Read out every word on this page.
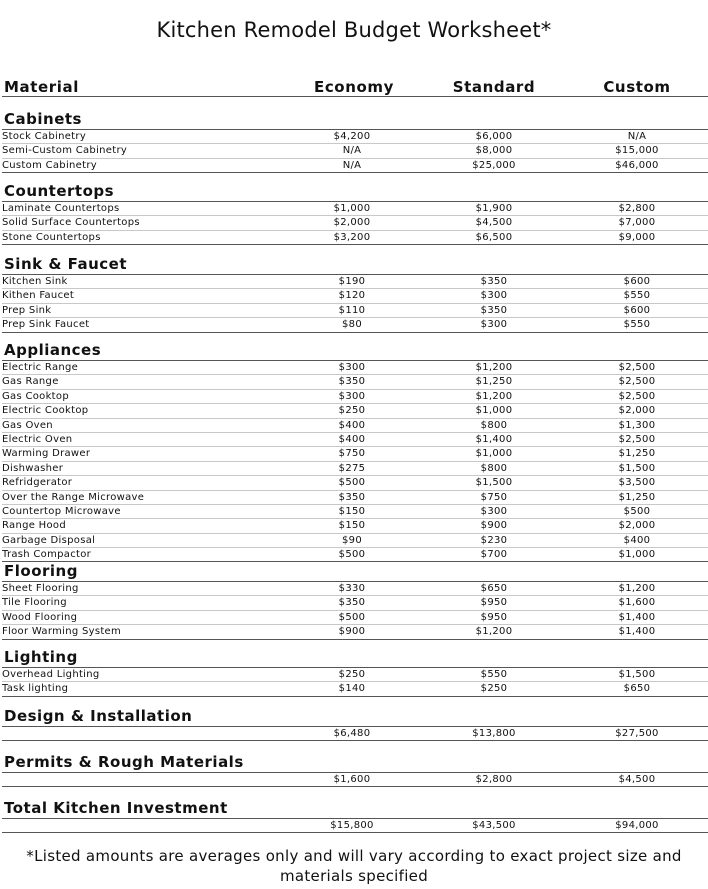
Kitchen Remodel Budget Worksheet*
Material	Economy	Standard	Custom
Cabinets
Stock Cabinetry	$4,200	$6,000	N/A
Semi-Custom Cabinetry	N/A	$8,000	$15,000
Custom Cabinetry	N/A	$25,000	$46,000
Countertops
Laminate Countertops	$1,000	$1,900	$2,800
Solid Surface Countertops	$2,000	$4,500	$7,000
Stone Countertops	$3,200	$6,500	$9,000
Sink & Faucet
Kitchen Sink	$190	$350	$600
Kithen Faucet	$120	$300	$550
Prep Sink	$110	$350	$600
Prep Sink Faucet	$80	$300	$550
Appliances
Electric Range	$300	$1,200	$2,500
Gas Range	$350	$1,250	$2,500
Gas Cooktop	$300	$1,200	$2,500
Electric Cooktop	$250	$1,000	$2,000
Gas Oven	$400	$800	$1,300
Electric Oven	$400	$1,400	$2,500
Warming Drawer	$750	$1,000	$1,250
Dishwasher	$275	$800	$1,500
Refridgerator	$500	$1,500	$3,500
Over the Range Microwave	$350	$750	$1,250
Countertop Microwave	$150	$300	$500
Range Hood	$150	$900	$2,000
Garbage Disposal	$90	$230	$400
Trash Compactor	$500	$700	$1,000
Flooring
Sheet Flooring	$330	$650	$1,200
Tile Flooring	$350	$950	$1,600
Wood Flooring	$500	$950	$1,400
Floor Warming System	$900	$1,200	$1,400
Lighting
Overhead Lighting	$250	$550	$1,500
Task lighting	$140	$250	$650
Design & Installation
$6,480	$13,800	$27,500
Permits & Rough Materials
$1,600	$2,800	$4,500
Total Kitchen Investment
$15,800	$43,500	$94,000
*Listed amounts are averages only and will vary according to exact project size and materials specified
